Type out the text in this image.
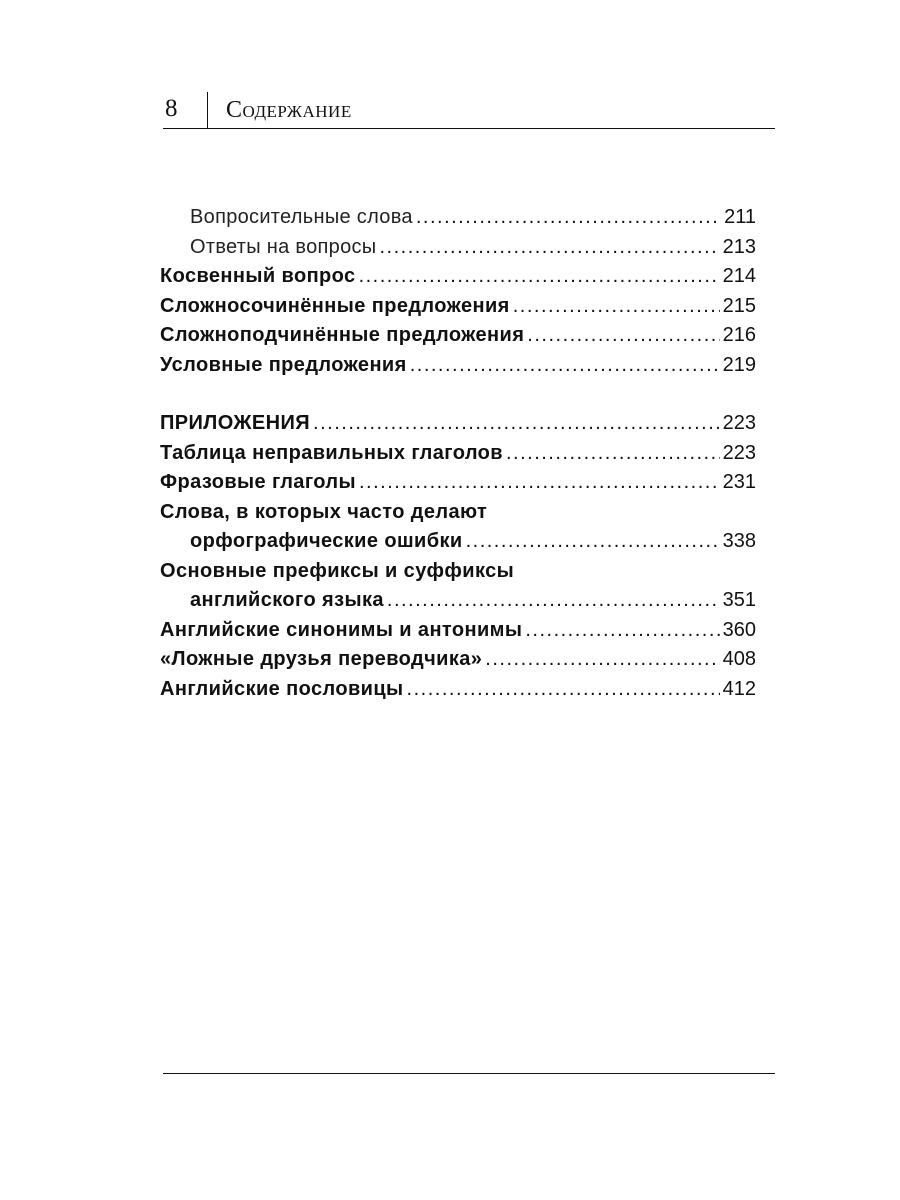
8 Содержание
Вопросительные слова .....	211
Ответы на вопросы .....	213
Косвенный вопрос .....	214
Сложносочинённые предложения .....	215
Сложноподчинённые предложения .....	216
Условные предложения .....	219
ПРИЛОЖЕНИЯ .....	223
Таблица неправильных глаголов .....	223
Фразовые глаголы .....	231
Слова, в которых часто делают
орфографические ошибки .....	338
Основные префиксы и суффиксы
английского языка .....	351
Английские синонимы и антонимы .....	360
«Ложные друзья переводчика» .....	408
Английские пословицы .....	412
